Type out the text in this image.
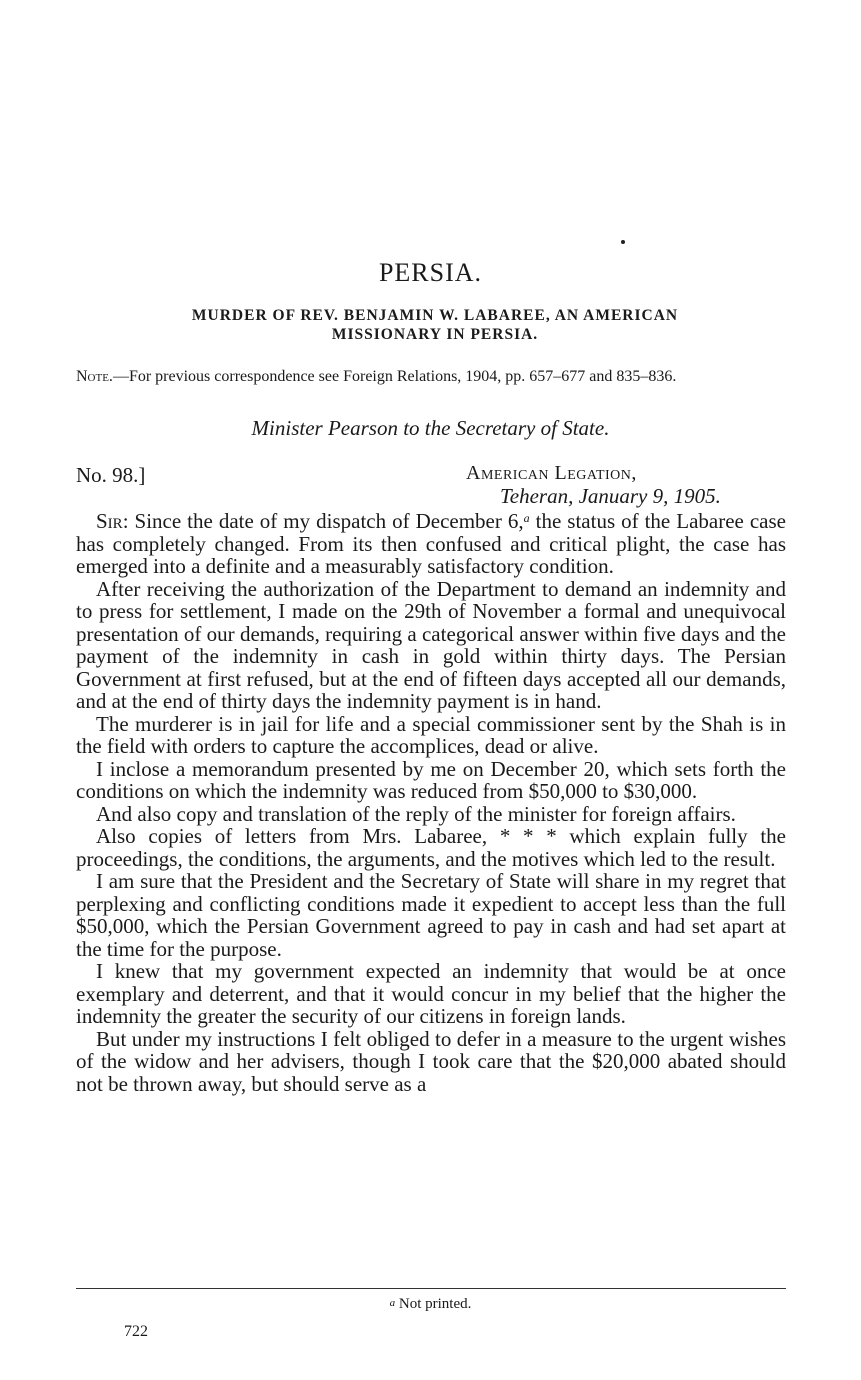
PERSIA.
MURDER OF REV. BENJAMIN W. LABAREE, AN AMERICAN
MISSIONARY IN PERSIA.
Note.—For previous correspondence see Foreign Relations, 1904, pp. 657–677 and 835–836.
Minister Pearson to the Secretary of State.
No. 98.]	American Legation,
Teheran, January 9, 1905.

Sir: Since the date of my dispatch of December 6,$^a$ the status of the Labaree case has completely changed. From its then confused and critical plight, the case has emerged into a definite and a measurably satisfactory condition.

After receiving the authorization of the Department to demand an indemnity and to press for settlement, I made on the 29th of November a formal and unequivocal presentation of our demands, requiring a categorical answer within five days and the payment of the indemnity in cash in gold within thirty days. The Persian Government at first refused, but at the end of fifteen days accepted all our demands, and at the end of thirty days the indemnity payment is in hand.

The murderer is in jail for life and a special commissioner sent by the Shah is in the field with orders to capture the accomplices, dead or alive.

I inclose a memorandum presented by me on December 20, which sets forth the conditions on which the indemnity was reduced from $50,000 to $30,000.

And also copy and translation of the reply of the minister for foreign affairs.

Also copies of letters from Mrs. Labaree, * * * which explain fully the proceedings, the conditions, the arguments, and the motives which led to the result.

I am sure that the President and the Secretary of State will share in my regret that perplexing and conflicting conditions made it expedient to accept less than the full $50,000, which the Persian Government agreed to pay in cash and had set apart at the time for the purpose.

I knew that my government expected an indemnity that would be at once exemplary and deterrent, and that it would concur in my belief that the higher the indemnity the greater the security of our citizens in foreign lands.

But under my instructions I felt obliged to defer in a measure to the urgent wishes of the widow and her advisers, though I took care that the $20,000 abated should not be thrown away, but should serve as a

a Not printed.
722
